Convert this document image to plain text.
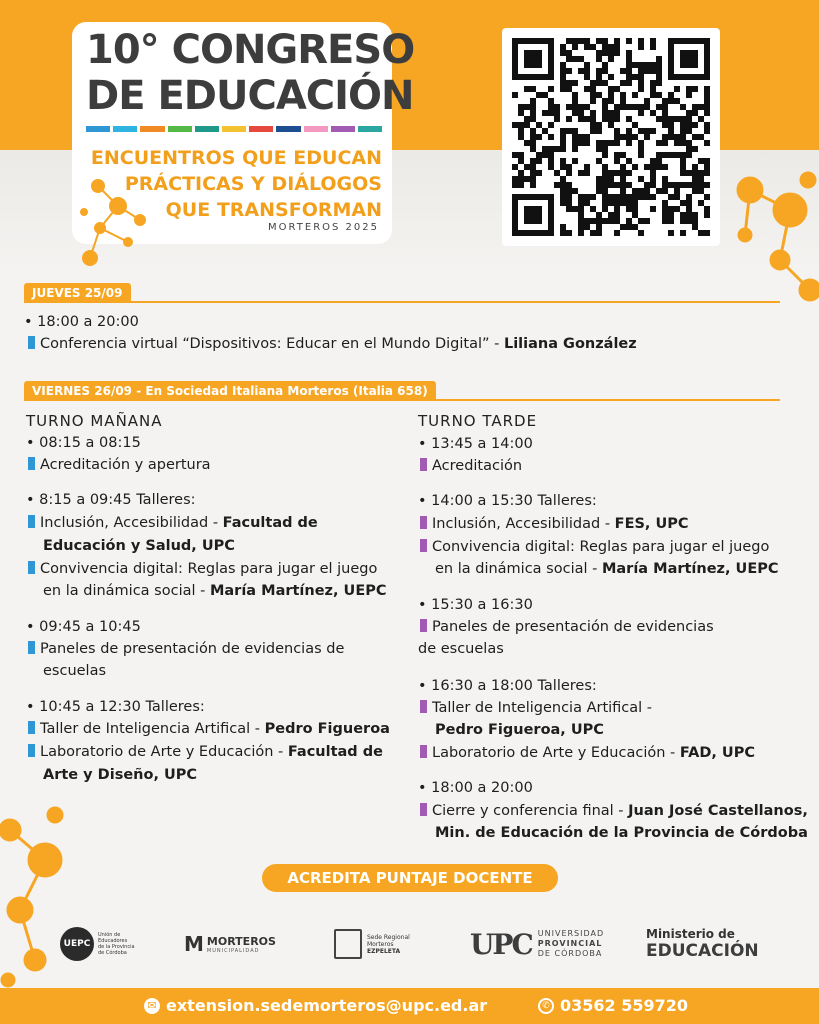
10° CONGRESO
DE EDUCACIÓN
ENCUENTROS QUE EDUCAN
PRÁCTICAS Y DIÁLOGOS
QUE TRANSFORMAN
MORTEROS 2025
JUEVES 25/09
• 18:00 a 20:00
Conferencia virtual “Dispositivos: Educar en el Mundo Digital” - Liliana González
VIERNES 26/09 - En Sociedad Italiana Morteros (Italia 658)
TURNO MAÑANA
• 08:15 a 08:15
Acreditación y apertura
• 8:15 a 09:45 Talleres:
Inclusión, Accesibilidad - Facultad de
Educación y Salud, UPC
Convivencia digital: Reglas para jugar el juego
en la dinámica social - María Martínez, UEPC
• 09:45 a 10:45
Paneles de presentación de evidencias de
escuelas
• 10:45 a 12:30 Talleres:
Taller de Inteligencia Artifical - Pedro Figueroa
Laboratorio de Arte y Educación - Facultad de
Arte y Diseño, UPC
TURNO TARDE
• 13:45 a 14:00
Acreditación
• 14:00 a 15:30 Talleres:
Inclusión, Accesibilidad - FES, UPC
Convivencia digital: Reglas para jugar el juego
en la dinámica social - María Martínez, UEPC
• 15:30 a 16:30
Paneles de presentación de evidencias
de escuelas
• 16:30 a 18:00 Talleres:
Taller de Inteligencia Artifical -
Pedro Figueroa, UPC
Laboratorio de Arte y Educación - FAD, UPC
• 18:00 a 20:00
Cierre y conferencia final - Juan José Castellanos,
Min. de Educación de la Provincia de Córdoba
ACREDITA PUNTAJE DOCENTE
UEPC
Unión de
Educadores
de la Provincia
de Córdoba	M MORTEROS
MUNICIPALIDAD
Sede Regional
Morteros
EZPELETA	UPC UNIVERSIDAD
PROVINCIAL
DE CÓRDOBA
Ministerio de
EDUCACIÓN
✉ extension.sedemorteros@upc.ed.ar	✆ 03562 559720
